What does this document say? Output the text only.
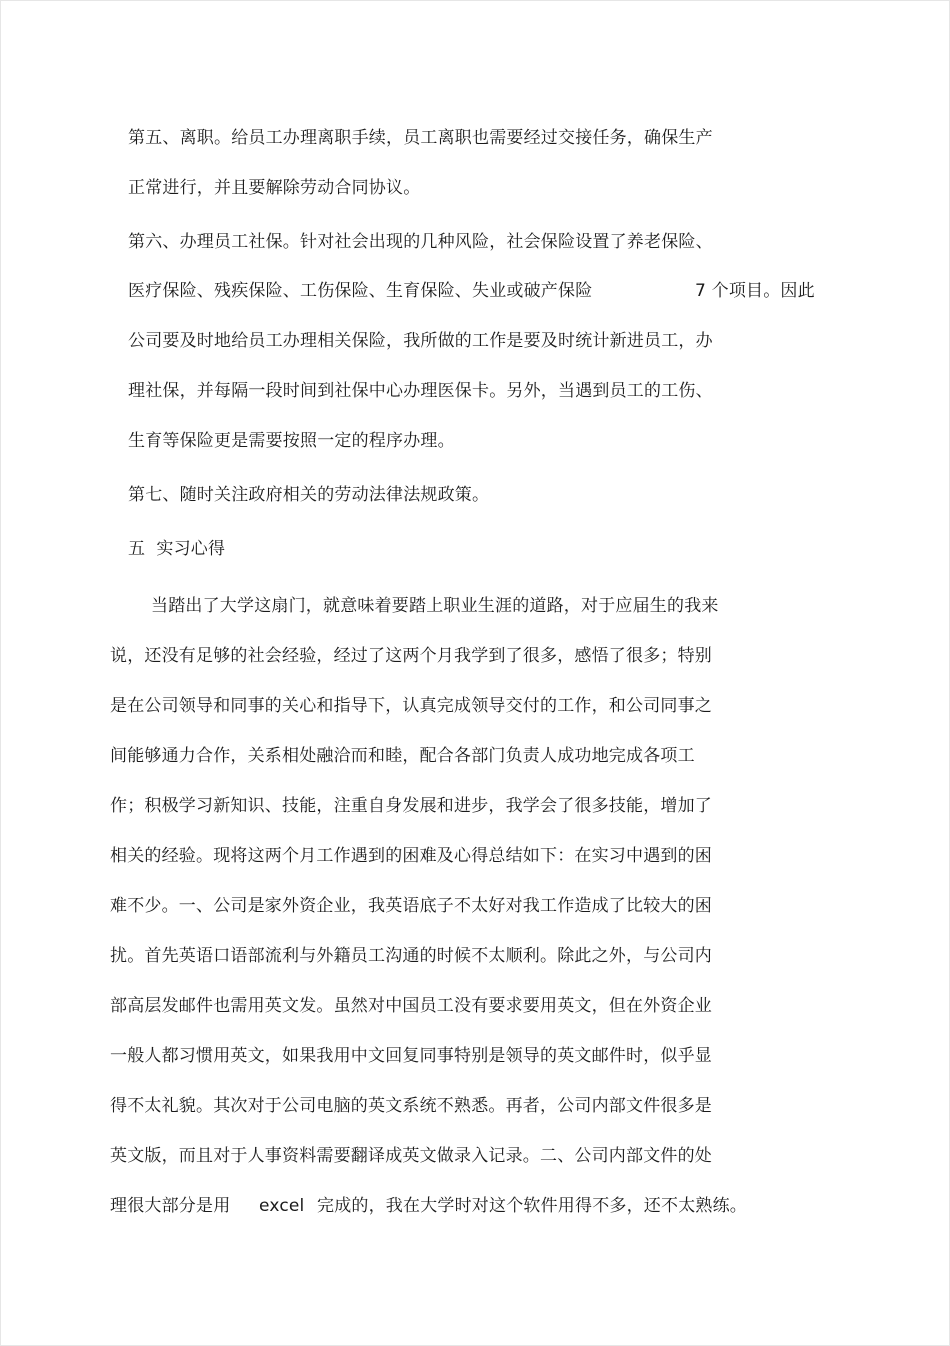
第五、离职。给员工办理离职手续，员工离职也需要经过交接任务，确保生产
正常进行，并且要解除劳动合同协议。
第六、办理员工社保。针对社会出现的几种风险，社会保险设置了养老保险、
医疗保险、残疾保险、工伤保险、生育保险、失业或破产保险	7 个项目。因此
公司要及时地给员工办理相关保险，我所做的工作是要及时统计新进员工，办
理社保，并每隔一段时间到社保中心办理医保卡。另外，当遇到员工的工伤、
生育等保险更是需要按照一定的程序办理。
第七、随时关注政府相关的劳动法律法规政策。
五  实习心得
当踏出了大学这扇门，就意味着要踏上职业生涯的道路，对于应届生的我来
说，还没有足够的社会经验，经过了这两个月我学到了很多，感悟了很多；特别
是在公司领导和同事的关心和指导下，认真完成领导交付的工作，和公司同事之
间能够通力合作，关系相处融洽而和睦，配合各部门负责人成功地完成各项工
作；积极学习新知识、技能，注重自身发展和进步，我学会了很多技能，增加了
相关的经验。现将这两个月工作遇到的困难及心得总结如下：在实习中遇到的困
难不少。一、公司是家外资企业，我英语底子不太好对我工作造成了比较大的困
扰。首先英语口语部流利与外籍员工沟通的时候不太顺利。除此之外，与公司内
部高层发邮件也需用英文发。虽然对中国员工没有要求要用英文，但在外资企业
一般人都习惯用英文，如果我用中文回复同事特别是领导的英文邮件时，似乎显
得不太礼貌。其次对于公司电脑的英文系统不熟悉。再者，公司内部文件很多是
英文版，而且对于人事资料需要翻译成英文做录入记录。二、公司内部文件的处
理很大部分是用 excel 完成的，我在大学时对这个软件用得不多，还不太熟练。
